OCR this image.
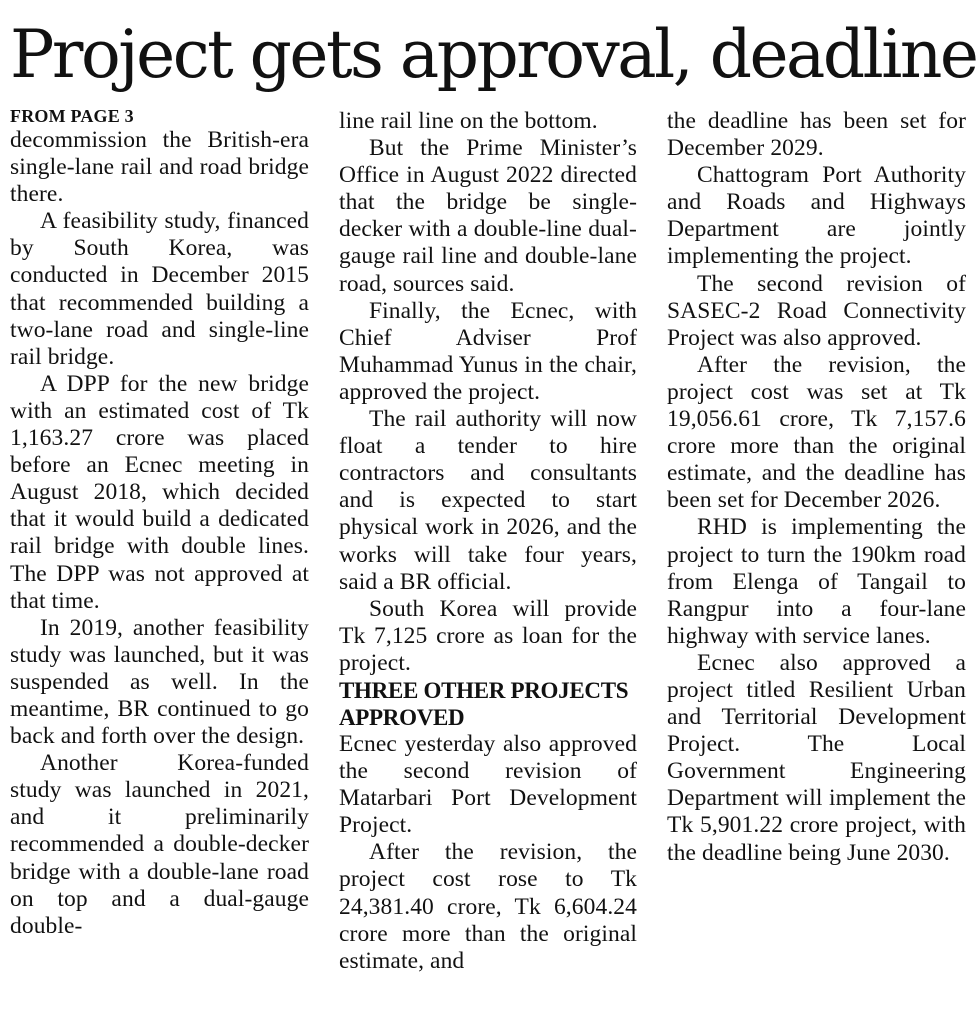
Project gets approval, deadline
FROM PAGE 3

decommission the British-era single-lane rail and road bridge there.

A feasibility study, financed by South Korea, was conducted in December 2015 that recommended building a two-lane road and single-line rail bridge.

A DPP for the new bridge with an estimated cost of Tk 1,163.27 crore was placed before an Ecnec meeting in August 2018, which decided that it would build a dedicated rail bridge with double lines. The DPP was not approved at that time.

In 2019, another feasibility study was launched, but it was suspended as well. In the meantime, BR continued to go back and forth over the design.

Another Korea-funded study was launched in 2021, and it preliminarily recommended a double-decker bridge with a double-lane road on top and a dual-gauge double-

line rail line on the bottom.

But the Prime Minister’s Office in August 2022 directed that the bridge be single-decker with a double-line dual-gauge rail line and double-lane road, sources said.

Finally, the Ecnec, with Chief Adviser Prof Muhammad Yunus in the chair, approved the project.

The rail authority will now float a tender to hire contractors and consultants and is expected to start physical work in 2026, and the works will take four years, said a BR official.

South Korea will provide Tk 7,125 crore as loan for the project.

THREE OTHER PROJECTS APPROVED

Ecnec yesterday also approved the second revision of Matarbari Port Development Project.

After the revision, the project cost rose to Tk 24,381.40 crore, Tk 6,604.24 crore more than the original estimate, and

the deadline has been set for December 2029.

Chattogram Port Authority and Roads and Highways Department are jointly implementing the project.

The second revision of SASEC-2 Road Connectivity Project was also approved.

After the revision, the project cost was set at Tk 19,056.61 crore, Tk 7,157.6 crore more than the original estimate, and the deadline has been set for December 2026.

RHD is implementing the project to turn the 190km road from Elenga of Tangail to Rangpur into a four-lane highway with service lanes.

Ecnec also approved a project titled Resilient Urban and Territorial Development Project. The Local Government Engineering Department will implement the Tk 5,901.22 crore project, with the deadline being June 2030.
